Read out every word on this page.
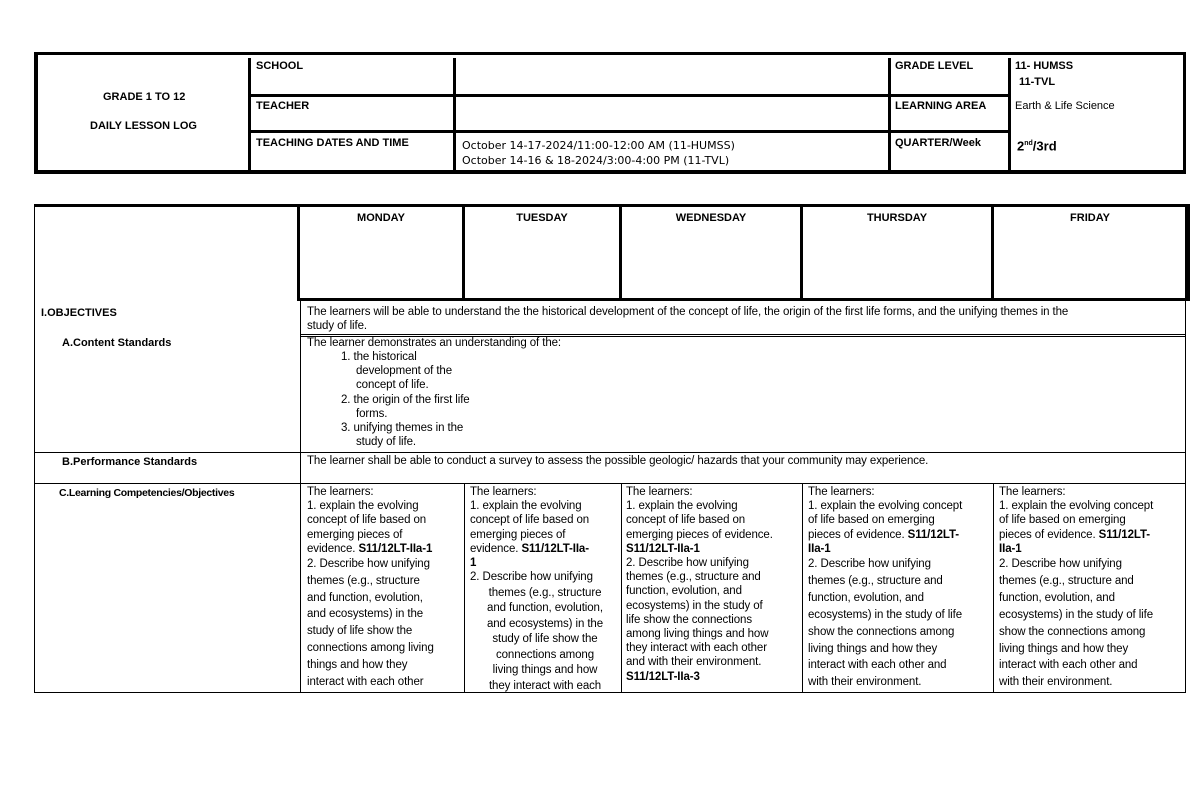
GRADE 1 TO 12
DAILY LESSON LOG
SCHOOL
TEACHER
TEACHING DATES AND TIME	October 14-17-2024/11:00-12:00 AM (11-HUMSS)
October 14-16 & 18-2024/3:00-4:00 PM (11-TVL)
GRADE LEVEL	11- HUMSS
11-TVL
LEARNING AREA	Earth & Life Science
QUARTER/Week	2nd/3rd
MONDAY	TUESDAY	WEDNESDAY	THURSDAY	FRIDAY
I.OBJECTIVES	The learners will be able to understand the the historical development of the concept of life, the origin of the first life forms, and the unifying themes in the
study of life.
A.Content Standards	The learner demonstrates an understanding of the:
1. the historical
development of the
concept of life.
2. the origin of the first life
forms.
3. unifying themes in the
study of life.
B.Performance Standards	The learner shall be able to conduct a survey to assess the possible geologic/ hazards that your community may experience.
C.Learning Competencies/Objectives	The learners:
1. explain the evolving
concept of life based on
emerging pieces of
evidence. S11/12LT-IIa-1
2. Describe how unifying
themes (e.g., structure
and function, evolution,
and ecosystems) in the
study of life show the
connections among living
things and how they
interact with each other
The learners:
1. explain the evolving
concept of life based on
emerging pieces of
evidence. S11/12LT-IIa-
1
2. Describe how unifying
themes (e.g., structure
and function, evolution,
and ecosystems) in the
study of life show the
connections among
living things and how
they interact with each
The learners:
1. explain the evolving
concept of life based on
emerging pieces of evidence.
S11/12LT-IIa-1
2. Describe how unifying
themes (e.g., structure and
function, evolution, and
ecosystems) in the study of
life show the connections
among living things and how
they interact with each other
and with their environment.
S11/12LT-IIa-3
The learners:
1. explain the evolving concept
of life based on emerging
pieces of evidence. S11/12LT-
IIa-1
2. Describe how unifying
themes (e.g., structure and
function, evolution, and
ecosystems) in the study of life
show the connections among
living things and how they
interact with each other and
with their environment.
The learners:
1. explain the evolving concept
of life based on emerging
pieces of evidence. S11/12LT-
IIa-1
2. Describe how unifying
themes (e.g., structure and
function, evolution, and
ecosystems) in the study of life
show the connections among
living things and how they
interact with each other and
with their environment.
